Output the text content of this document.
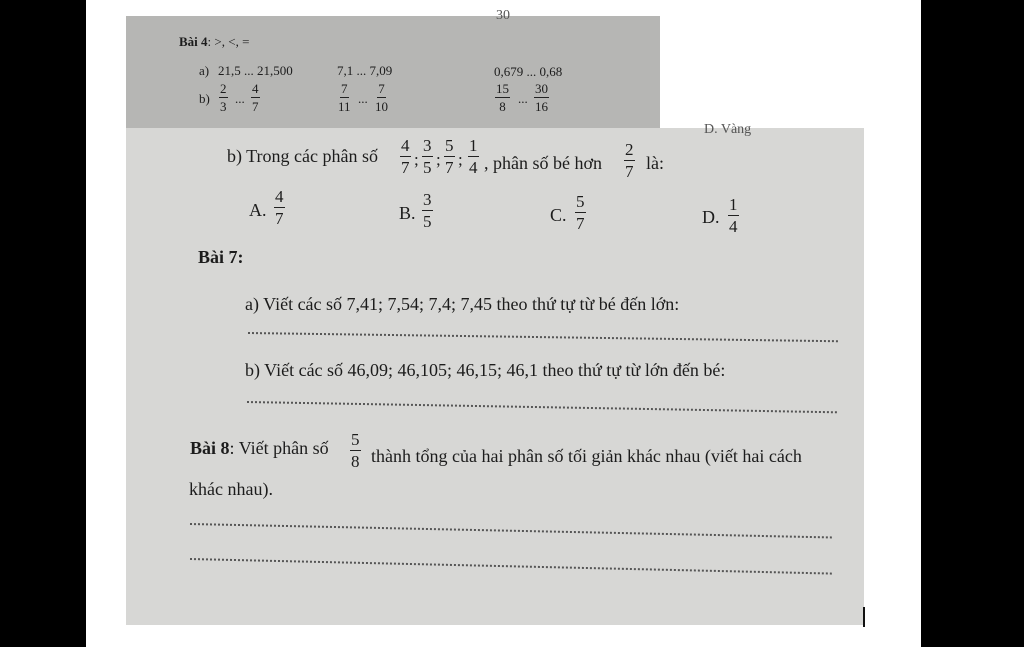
30
Bài 4: >, <, =
a) 21,5 ... 21,500	7,1 ... 7,09	0,679 ... 0,68
$b) \frac{2}{3}$ ... $\frac{4}{7}$	$\frac{7}{11}$ ... $\frac{7}{10}$	$\frac{15}{8}$ ... $\frac{30}{16}$
D. Vàng
b) Trong các phân số $\frac{4}{7}$ ; $\frac{3}{5}$ ; $\frac{5}{7}$ ; $\frac{1}{4}$ , phân số bé hơn $\frac{2}{7}$ là:
A. $\frac{4}{7}$	B. $\frac{3}{5}$	C. $\frac{5}{7}$	D. $\frac{1}{4}$
Bài 7:
a) Viết các số 7,41; 7,54; 7,4; 7,45 theo thứ tự từ bé đến lớn:
b) Viết các số 46,09; 46,105; 46,15; 46,1 theo thứ tự từ lớn đến bé:
Bài 8: Viết phân số $\frac{5}{8}$ thành tổng của hai phân số tối giản khác nhau (viết hai cách
khác nhau).
